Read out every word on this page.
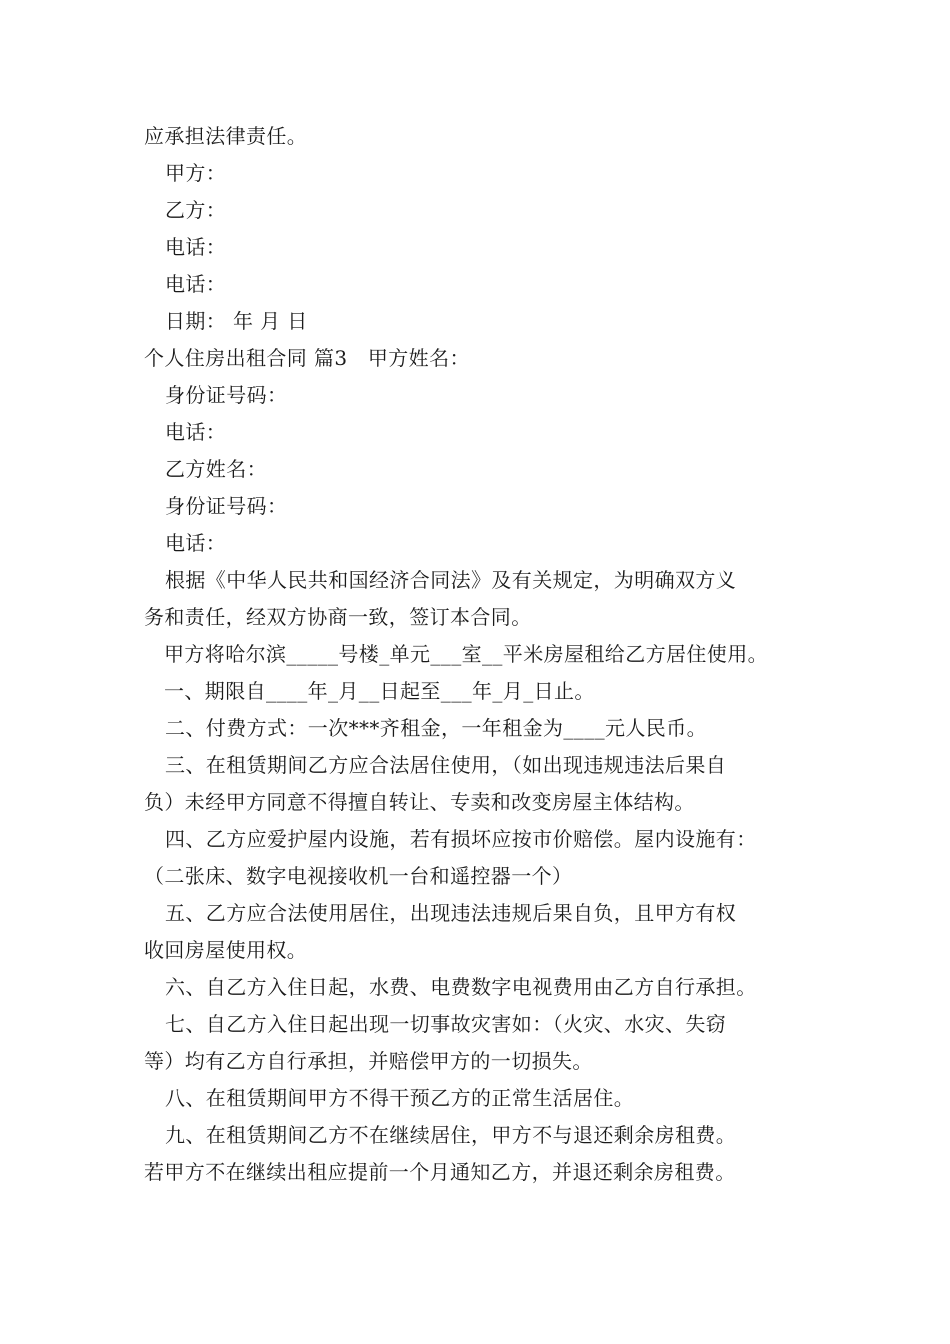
应承担法律责任。
甲方：
乙方：
电话：
电话：
日期： 年 月 日
个人住房出租合同 篇3　甲方姓名：
身份证号码：
电话：
乙方姓名：
身份证号码：
电话：
根据《中华人民共和国经济合同法》及有关规定，为明确双方义
务和责任，经双方协商一致，签订本合同。
甲方将哈尔滨_____号楼_单元___室__平米房屋租给乙方居住使用。
一、期限自____年_月__日起至___年_月_日止。
二、付费方式：一次***齐租金，一年租金为____元人民币。
三、在租赁期间乙方应合法居住使用，（如出现违规违法后果自
负）未经甲方同意不得擅自转让、专卖和改变房屋主体结构。
四、乙方应爱护屋内设施，若有损坏应按市价赔偿。屋内设施有：
（二张床、数字电视接收机一台和遥控器一个）
五、乙方应合法使用居住，出现违法违规后果自负，且甲方有权
收回房屋使用权。
六、自乙方入住日起，水费、电费数字电视费用由乙方自行承担。
七、自乙方入住日起出现一切事故灾害如：（火灾、水灾、失窃
等）均有乙方自行承担，并赔偿甲方的一切损失。
八、在租赁期间甲方不得干预乙方的正常生活居住。
九、在租赁期间乙方不在继续居住，甲方不与退还剩余房租费。
若甲方不在继续出租应提前一个月通知乙方，并退还剩余房租费。
